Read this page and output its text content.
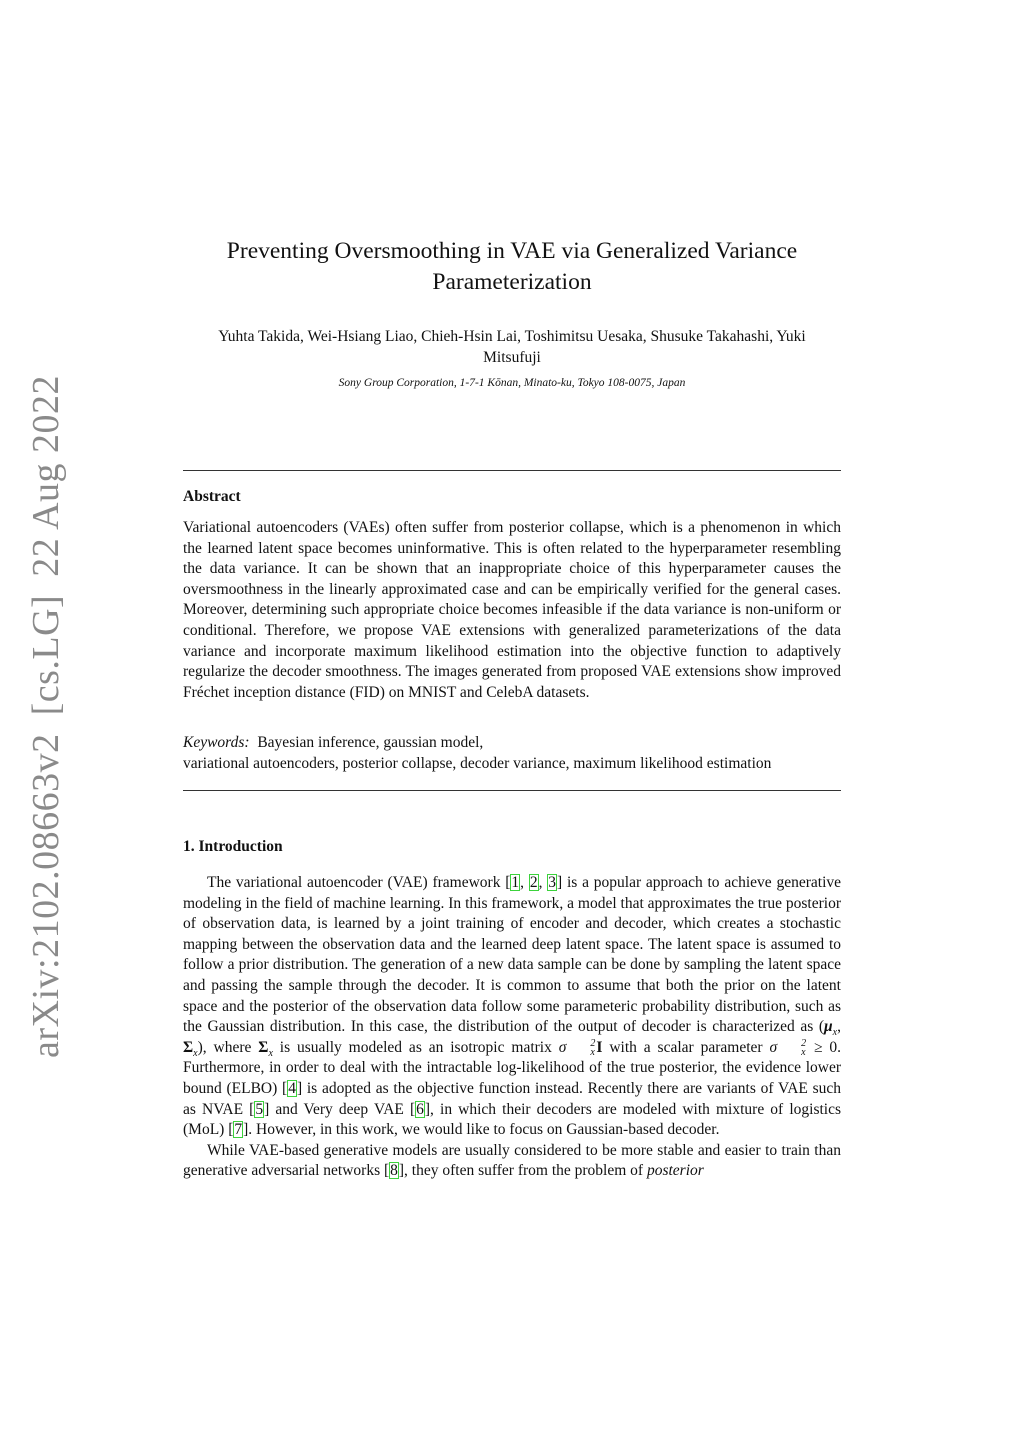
arXiv:2102.08663v2[cs.LG]22 Aug 2022
Preventing Oversmoothing in VAE via Generalized Variance
Parameterization
Yuhta Takida, Wei-Hsiang Liao, Chieh-Hsin Lai, Toshimitsu Uesaka, Shusuke Takahashi, Yuki
Mitsufuji
Sony Group Corporation, 1-7-1 Kōnan, Minato-ku, Tokyo 108-0075, Japan
Abstract
Variational autoencoders (VAEs) often suffer from posterior collapse, which is a phenomenon in which the learned latent space becomes uninformative. This is often related to the hyperparameter resembling the data variance. It can be shown that an inappropriate choice of this hyperparameter causes the oversmoothness in the linearly approximated case and can be empirically verified for the general cases. Moreover, determining such appropriate choice becomes infeasible if the data variance is non-uniform or conditional. Therefore, we propose VAE extensions with generalized parameterizations of the data variance and incorporate maximum likelihood estimation into the objective function to adaptively regularize the decoder smoothness. The images generated from proposed VAE extensions show improved Fréchet inception distance (FID) on MNIST and CelebA datasets.
Keywords: Bayesian inference, gaussian model,
variational autoencoders, posterior collapse, decoder variance, maximum likelihood estimation
1. Introduction

The variational autoencoder (VAE) framework [1, 2, 3] is a popular approach to achieve generative modeling in the field of machine learning. In this framework, a model that approximates the true posterior of observation data, is learned by a joint training of encoder and decoder, which creates a stochastic mapping between the observation data and the learned deep latent space. The latent space is assumed to follow a prior distribution. The generation of a new data sample can be done by sampling the latent space and passing the sample through the decoder. It is common to assume that both the prior on the latent space and the posterior of the observation data follow some parameteric probability distribution, such as the Gaussian distribution. In this case, the distribution of the output of decoder is characterized as ($\mu_x$, $\Sigma_x$), where $\Sigma_x$ is usually modeled as an isotropic matrix σ	2
x I with a scalar parameter σ	2
x ≥ 0. Furthermore, in order to deal with the intractable log-likelihood of the true posterior, the evidence lower bound (ELBO) [4] is adopted as the objective function instead. Recently there are variants of VAE such as NVAE [5] and Very deep VAE [6], in which their decoders are modeled with mixture of logistics (MoL) [7]. However, in this work, we would like to focus on Gaussian-based decoder.

While VAE-based generative models are usually considered to be more stable and easier to train than generative adversarial networks [8], they often suffer from the problem of posterior
